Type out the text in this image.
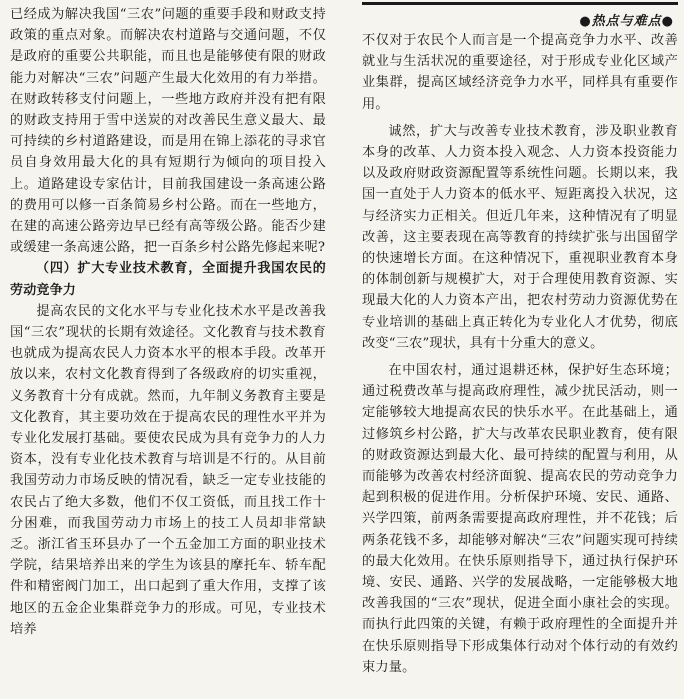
●热点与难点●

已经成为解决我国“三农”问题的重要手段和财政支持政策的重点对象。而解决农村道路与交通问题，不仅是政府的重要公共职能，而且也是能够使有限的财政能力对解决“三农”问题产生最大化效用的有力举措。在财政转移支付问题上，一些地方政府并没有把有限的财政支持用于雪中送炭的对改善民生意义最大、最可持续的乡村道路建设，而是用在锦上添花的寻求官员自身效用最大化的具有短期行为倾向的项目投入上。道路建设专家估计，目前我国建设一条高速公路的费用可以修一百条简易乡村公路。而在一些地方，在建的高速公路旁边早已经有高等级公路。能否少建或缓建一条高速公路，把一百条乡村公路先修起来呢?

（四）扩大专业技术教育，全面提升我国农民的劳动竞争力

提高农民的文化水平与专业化技术水平是改善我国“三农”现状的长期有效途径。文化教育与技术教育也就成为提高农民人力资本水平的根本手段。改革开放以来，农村文化教育得到了各级政府的切实重视，义务教育十分有成就。然而，九年制义务教育主要是文化教育，其主要功效在于提高农民的理性水平并为专业化发展打基础。要使农民成为具有竞争力的人力资本，没有专业化技术教育与培训是不行的。从目前我国劳动力市场反映的情况看，缺乏一定专业技能的农民占了绝大多数，他们不仅工资低，而且找工作十分困难，而我国劳动力市场上的技工人员却非常缺乏。浙江省玉环县办了一个五金加工方面的职业技术学院，结果培养出来的学生为该县的摩托车、轿车配件和精密阀门加工，出口起到了重大作用，支撑了该地区的五金企业集群竞争力的形成。可见，专业技术培养

不仅对于农民个人而言是一个提高竞争力水平、改善就业与生活状况的重要途径，对于形成专业化区域产业集群，提高区域经济竞争力水平，同样具有重要作用。

诚然，扩大与改善专业技术教育，涉及职业教育本身的改革、人力资本投入观念、人力资本投资能力以及政府财政资源配置等系统性问题。长期以来，我国一直处于人力资本的低水平、短距离投入状况，这与经济实力正相关。但近几年来，这种情况有了明显改善，这主要表现在高等教育的持续扩张与出国留学的快速增长方面。在这种情况下，重视职业教育本身的体制创新与规模扩大，对于合理使用教育资源、实现最大化的人力资本产出，把农村劳动力资源优势在专业培训的基础上真正转化为专业化人才优势，彻底改变“三农”现状，具有十分重大的意义。

在中国农村，通过退耕还林，保护好生态环境；通过税费改革与提高政府理性，减少扰民活动，则一定能够较大地提高农民的快乐水平。在此基础上，通过修筑乡村公路，扩大与改革农民职业教育，使有限的财政资源达到最大化、最可持续的配置与利用，从而能够为改善农村经济面貌、提高农民的劳动竞争力起到积极的促进作用。分析保护环境、安民、通路、兴学四策，前两条需要提高政府理性，并不花钱；后两条花钱不多，却能够对解决“三农”问题实现可持续的最大化效用。在快乐原则指导下，通过执行保护环境、安民、通路、兴学的发展战略，一定能够极大地改善我国的“三农”现状，促进全面小康社会的实现。而执行此四策的关键，有赖于政府理性的全面提升并在快乐原则指导下形成集体行动对个体行动的有效约束力量。
